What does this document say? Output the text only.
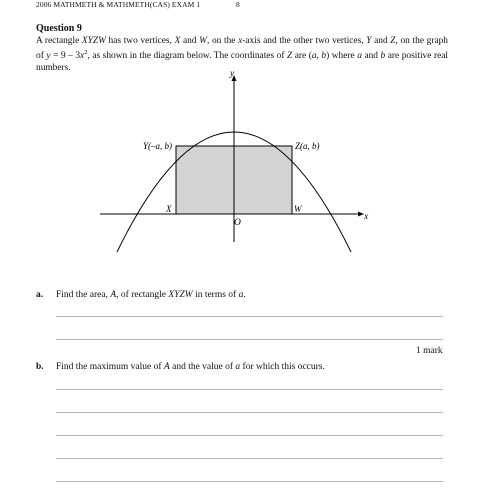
2006 MATHMETH & MATHMETH(CAS) EXAM 1	8
Question 9
A rectangle XYZW has two vertices, X and W, on the x-axis and the other two vertices, Y and Z, on the graph of $y = 9 - 3x^2$, as shown in the diagram below. The coordinates of Z are (a, b) where a and b are positive real numbers.
y
x
O
Y(–a, b)	Z(a, b)
X	W
a. Find the area, A, of rectangle XYZW in terms of a.
1 mark
b. Find the maximum value of A and the value of a for which this occurs.
